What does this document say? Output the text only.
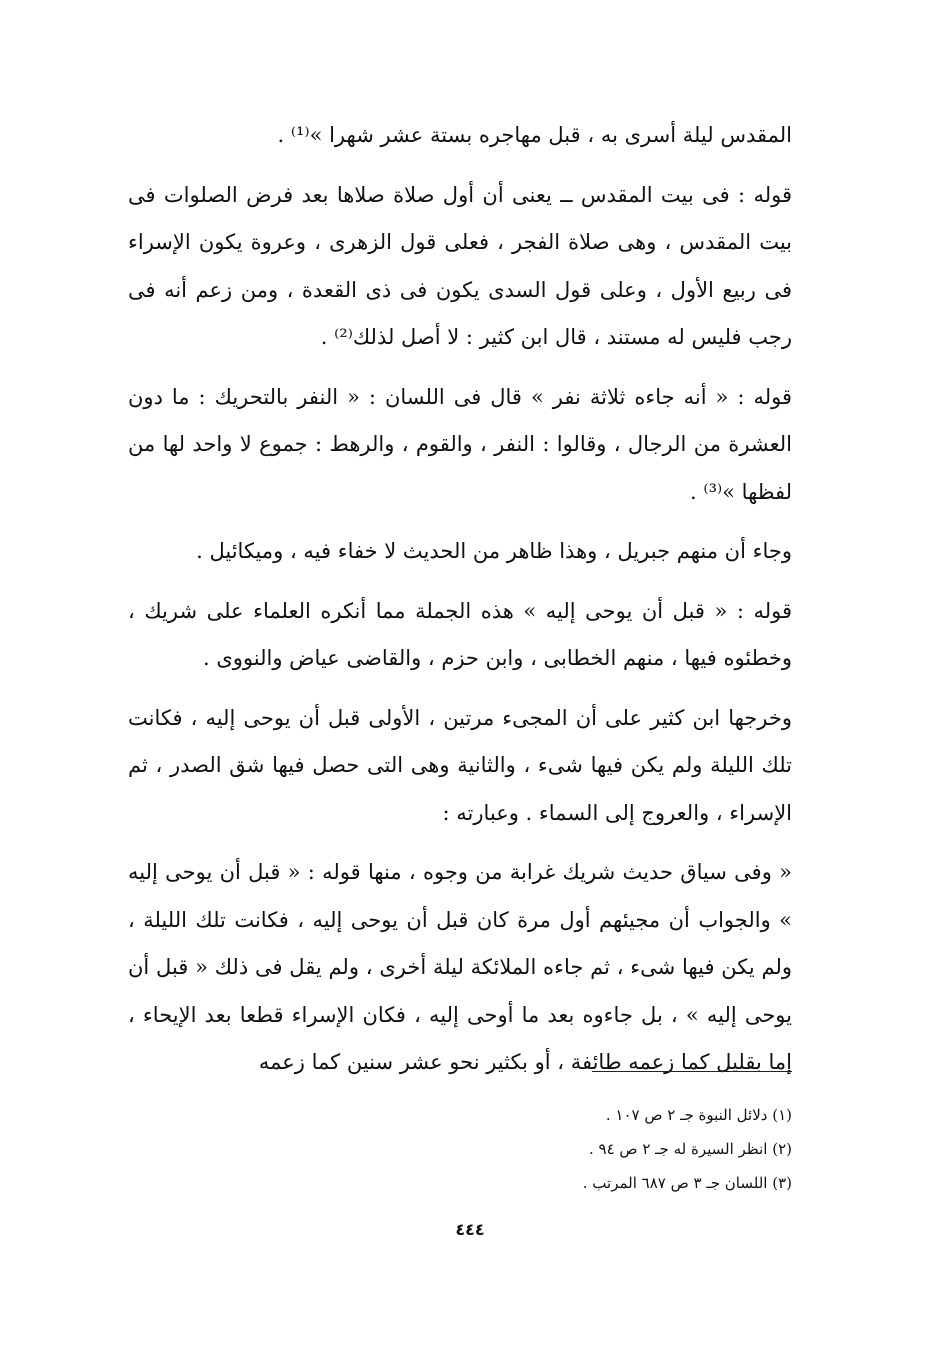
المقدس ليلة أسرى به ، قبل مهاجره بستة عشر شهرا »⁽¹⁾ .

قوله : فى بيت المقدس ــ يعنى أن أول صلاة صلاها بعد فرض الصلوات فى بيت المقدس ، وهى صلاة الفجر ، فعلى قول الزهرى ، وعروة يكون الإسراء فى ربيع الأول ، وعلى قول السدى يكون فى ذى القعدة ، ومن زعم أنه فى رجب فليس له مستند ، قال ابن كثير : لا أصل لذلك⁽²⁾ .

قوله : « أنه جاءه ثلاثة نفر » قال فى اللسان : « النفر بالتحريك : ما دون العشرة من الرجال ، وقالوا : النفر ، والقوم ، والرهط : جموع لا واحد لها من لفظها »⁽³⁾ .

وجاء أن منهم جبريل ، وهذا ظاهر من الحديث لا خفاء فيه ، وميكائيل .

قوله : « قبل أن يوحى إليه » هذه الجملة مما أنكره العلماء على شريك ، وخطئوه فيها ، منهم الخطابى ، وابن حزم ، والقاضى عياض والنووى .

وخرجها ابن كثير على أن المجىء مرتين ، الأولى قبل أن يوحى إليه ، فكانت تلك الليلة ولم يكن فيها شىء ، والثانية وهى التى حصل فيها شق الصدر ، ثم الإسراء ، والعروج إلى السماء . وعبارته :

« وفى سياق حديث شريك غرابة من وجوه ، منها قوله : « قبل أن يوحى إليه » والجواب أن مجيئهم أول مرة كان قبل أن يوحى إليه ، فكانت تلك الليلة ، ولم يكن فيها شىء ، ثم جاءه الملائكة ليلة أخرى ، ولم يقل فى ذلك « قبل أن يوحى إليه » ، بل جاءوه بعد ما أوحى إليه ، فكان الإسراء قطعا بعد الإيحاء ، إما بقليل كما زعمه طائفة ، أو بكثير نحو عشر سنين كما زعمه

(١) دلائل النبوة جـ ٢ ص ١٠٧ .

(٢) انظر السيرة له جـ ٢ ص ٩٤ .

(٣) اللسان جـ ٣ ص ٦٨٧ المرتب .

٤٤٤
